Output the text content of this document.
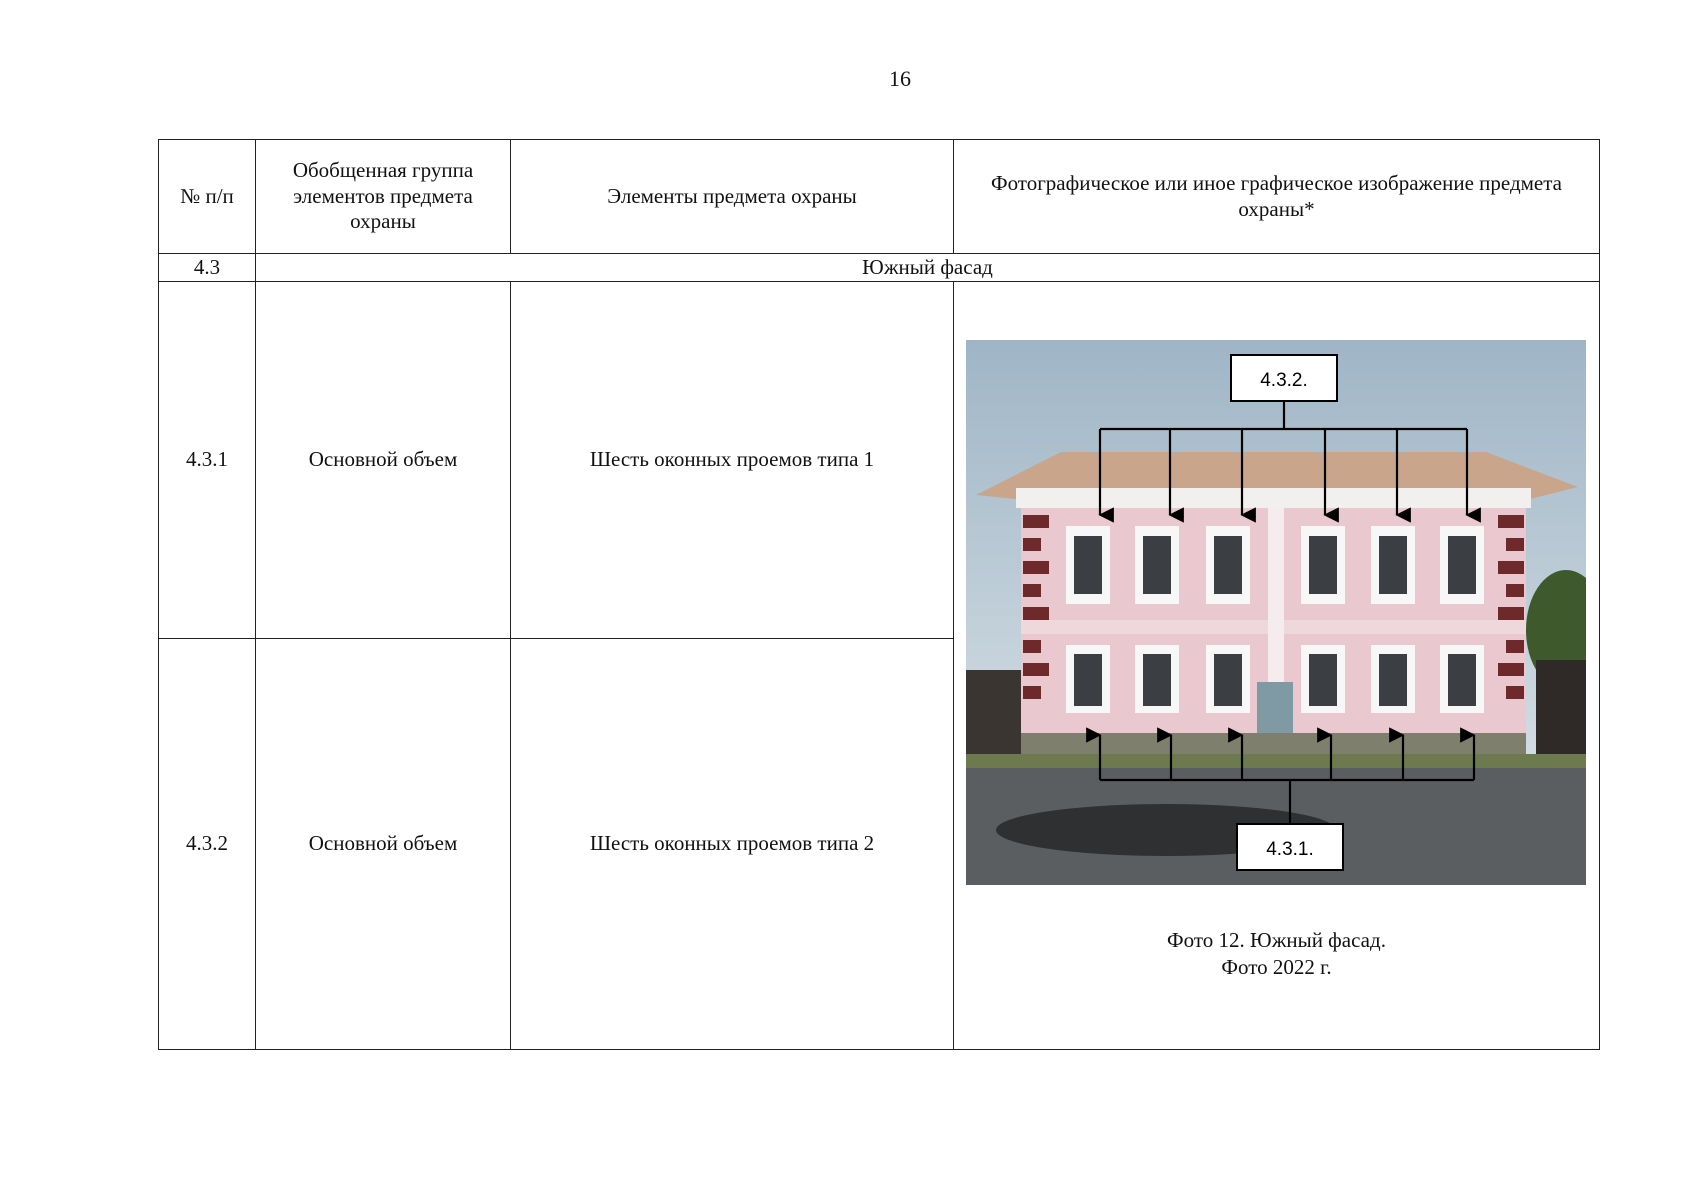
16
№ п/п	Обобщенная группа элементов предмета охраны	Элементы предмета охраны	Фотографическое или иное графическое изображение предмета охраны*
4.3	Южный фасад		
4.3.1	Основной объем	Шесть оконных проемов типа 1	4.3.2.
4.3.1.
Фото 12. Южный фасад.
Фото 2022 г.

4.3.2	Основной объем	Шесть оконных проемов типа 2	
